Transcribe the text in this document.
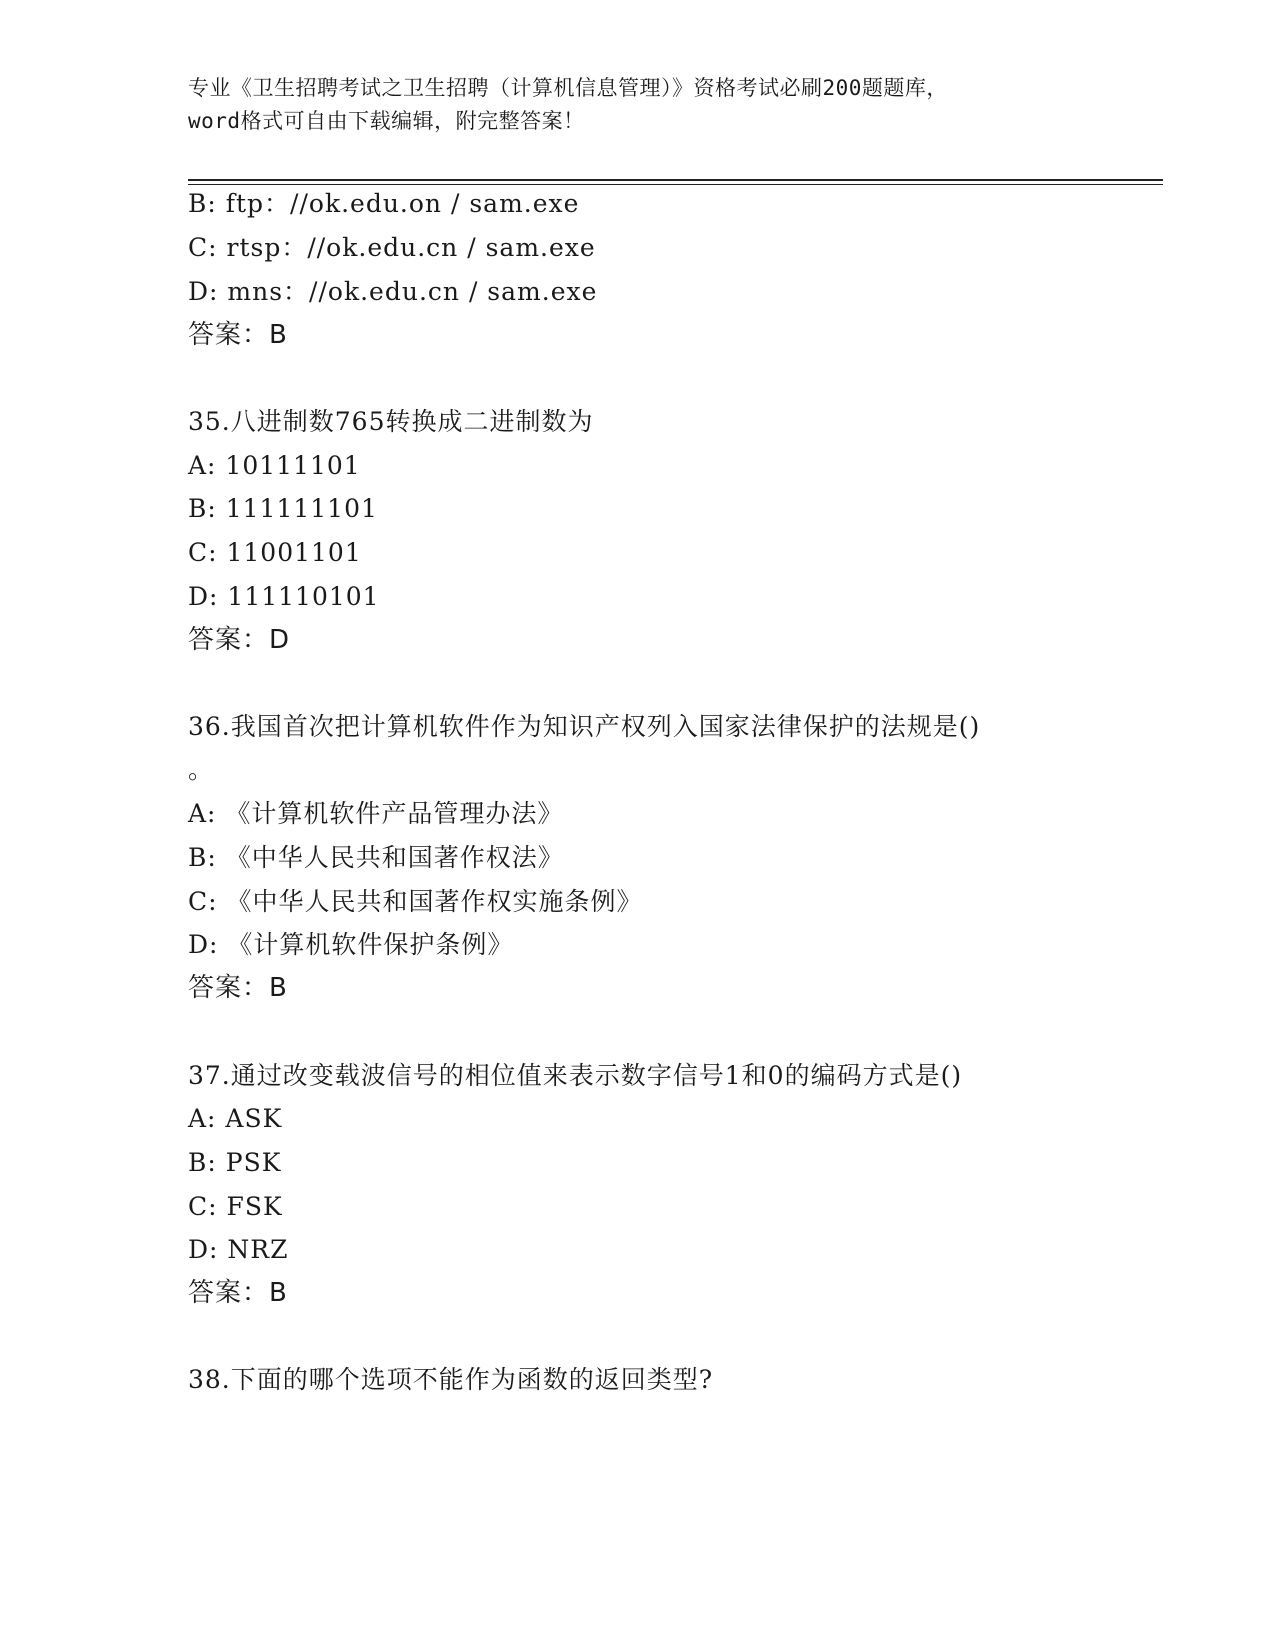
专业《卫生招聘考试之卫生招聘（计算机信息管理）》资格考试必刷200题题库，
word格式可自由下载编辑，附完整答案！
B: ftp：//ok.edu.on / sam.exe
C: rtsp：//ok.edu.cn / sam.exe
D: mns：//ok.edu.cn / sam.exe
答案：B
35.八进制数765转换成二进制数为
A: 10111101
B: 111111101
C: 11001101
D: 111110101
答案：D
36.我国首次把计算机软件作为知识产权列入国家法律保护的法规是()
。
A: 《计算机软件产品管理办法》
B: 《中华人民共和国著作权法》
C: 《中华人民共和国著作权实施条例》
D: 《计算机软件保护条例》
答案：B
37.通过改变载波信号的相位值来表示数字信号1和0的编码方式是()
A: ASK
B: PSK
C: FSK
D: NRZ
答案：B
38.下面的哪个选项不能作为函数的返回类型?
